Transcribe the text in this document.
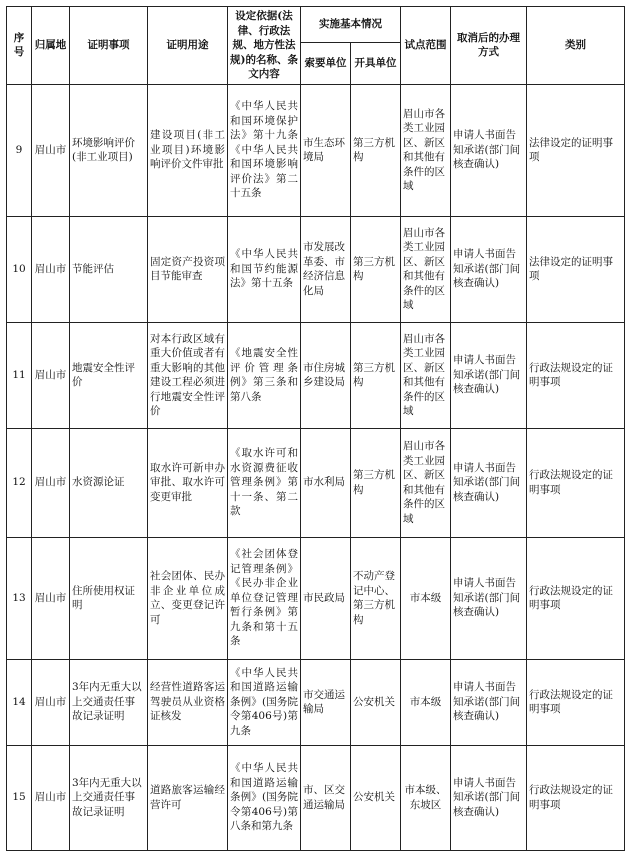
序号	归属地	证明事项	证明用途	设定依据(法律、行政法规、地方性法规)的名称、条文内容	实施基本情况		试点范围	取消后的办理方式	类别
					索要单位	开具单位			
9	眉山市	环境影响评价(非工业项目)	建设项目(非工业项目)环境影响评价文件审批	《中华人民共和国环境保护法》第十九条《中华人民共和国环境影响评价法》第二十五条	市生态环境局	第三方机构	眉山市各类工业园区、新区和其他有条件的区域	申请人书面告知承诺(部门间核查确认)	法律设定的证明事项
10	眉山市	节能评估	固定资产投资项目节能审查	《中华人民共和国节约能源法》第十五条	市发展改革委、市经济信息化局	第三方机构	眉山市各类工业园区、新区和其他有条件的区域	申请人书面告知承诺(部门间核查确认)	法律设定的证明事项
11	眉山市	地震安全性评价	对本行政区域有重大价值或者有重大影响的其他建设工程必须进行地震安全性评价	《地震安全性评价管理条例》第三条和第八条	市住房城乡建设局	第三方机构	眉山市各类工业园区、新区和其他有条件的区域	申请人书面告知承诺(部门间核查确认)	行政法规设定的证明事项
12	眉山市	水资源论证	取水许可新申办审批、取水许可变更审批	《取水许可和水资源费征收管理条例》第十一条、第二款	市水利局	第三方机构	眉山市各类工业园区、新区和其他有条件的区域	申请人书面告知承诺(部门间核查确认)	行政法规设定的证明事项
13	眉山市	住所使用权证明	社会团体、民办非企业单位成立、变更登记许可	《社会团体登记管理条例》《民办非企业单位登记管理暂行条例》第九条和第十五条	市民政局	不动产登记中心、第三方机构	市本级	申请人书面告知承诺(部门间核查确认)	行政法规设定的证明事项
14	眉山市	3年内无重大以上交通责任事故记录证明	经营性道路客运驾驶员从业资格证核发	《中华人民共和国道路运输条例》(国务院令第406号)第九条	市交通运输局	公安机关	市本级	申请人书面告知承诺(部门间核查确认)	行政法规设定的证明事项
15	眉山市	3年内无重大以上交通责任事故记录证明	道路旅客运输经营许可	《中华人民共和国道路运输条例》(国务院令第406号)第八条和第九条	市、区交通运输局	公安机关	市本级、东坡区	申请人书面告知承诺(部门间核查确认)	行政法规设定的证明事项
